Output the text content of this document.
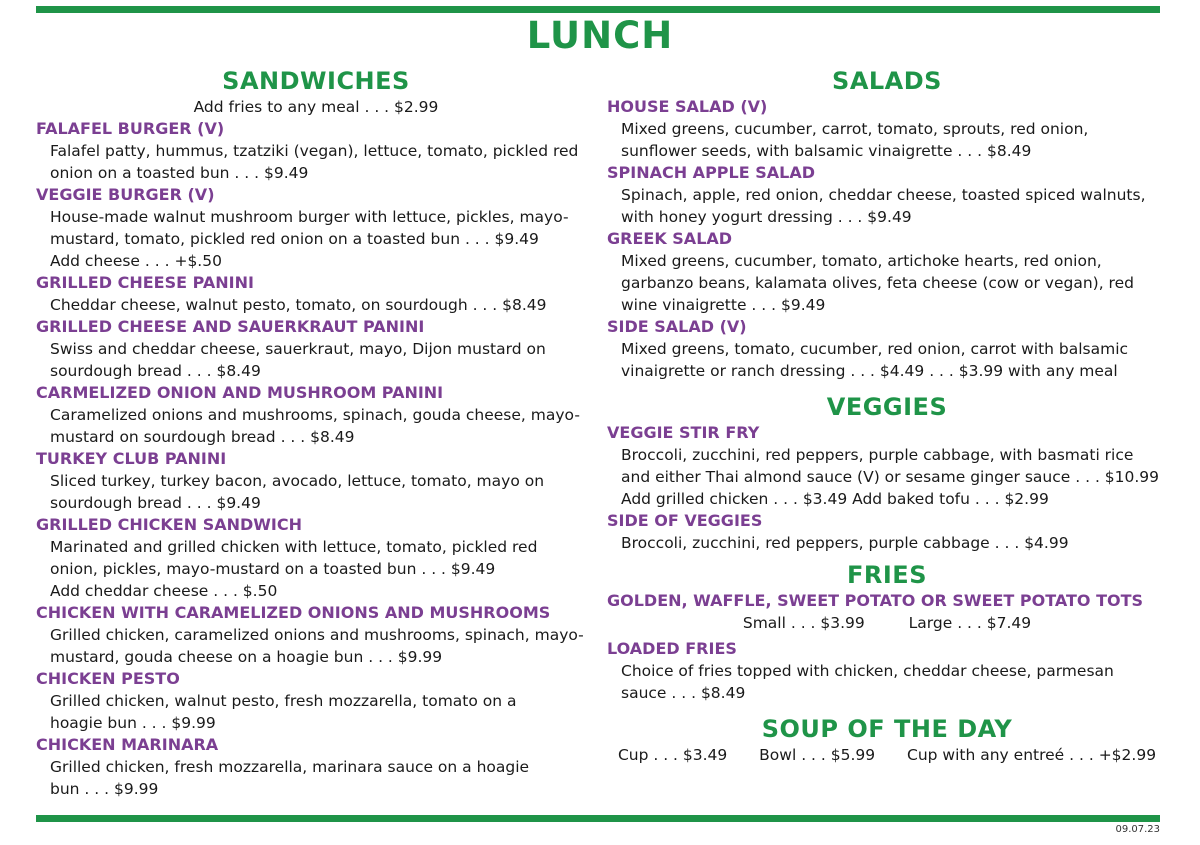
LUNCH
SANDWICHES

Add fries to any meal . . . $2.99

FALAFEL BURGER (V)

Falafel patty, hummus, tzatziki (vegan), lettuce, tomato, pickled red

onion on a toasted bun . . . $9.49

VEGGIE BURGER (V)

House-made walnut mushroom burger with lettuce, pickles, mayo-

mustard, tomato, pickled red onion on a toasted bun . . . $9.49

Add cheese . . . +$.50

GRILLED CHEESE PANINI

Cheddar cheese, walnut pesto, tomato, on sourdough . . . $8.49

GRILLED CHEESE AND SAUERKRAUT PANINI

Swiss and cheddar cheese, sauerkraut, mayo, Dijon mustard on

sourdough bread . . . $8.49

CARMELIZED ONION AND MUSHROOM PANINI

Caramelized onions and mushrooms, spinach, gouda cheese, mayo-

mustard on sourdough bread . . . $8.49

TURKEY CLUB PANINI

Sliced turkey, turkey bacon, avocado, lettuce, tomato, mayo on

sourdough bread . . . $9.49

GRILLED CHICKEN SANDWICH

Marinated and grilled chicken with lettuce, tomato, pickled red

onion, pickles, mayo-mustard on a toasted bun . . . $9.49

Add cheddar cheese . . . $.50

CHICKEN WITH CARAMELIZED ONIONS AND MUSHROOMS

Grilled chicken, caramelized onions and mushrooms, spinach, mayo-

mustard, gouda cheese on a hoagie bun . . . $9.99

CHICKEN PESTO

Grilled chicken, walnut pesto, fresh mozzarella, tomato on a

hoagie bun . . . $9.99

CHICKEN MARINARA

Grilled chicken, fresh mozzarella, marinara sauce on a hoagie

bun . . . $9.99

SALADS

HOUSE SALAD (V)

Mixed greens, cucumber, carrot, tomato, sprouts, red onion,

sunflower seeds, with balsamic vinaigrette . . . $8.49

SPINACH APPLE SALAD

Spinach, apple, red onion, cheddar cheese, toasted spiced walnuts,

with honey yogurt dressing . . . $9.49

GREEK SALAD

Mixed greens, cucumber, tomato, artichoke hearts, red onion,

garbanzo beans, kalamata olives, feta cheese (cow or vegan), red

wine vinaigrette . . . $9.49

SIDE SALAD (V)

Mixed greens, tomato, cucumber, red onion, carrot with balsamic

vinaigrette or ranch dressing . . . $4.49 . . . $3.99 with any meal

VEGGIES

VEGGIE STIR FRY

Broccoli, zucchini, red peppers, purple cabbage, with basmati rice

and either Thai almond sauce (V) or sesame ginger sauce . . . $10.99

Add grilled chicken . . . $3.49 Add baked tofu . . . $2.99

SIDE OF VEGGIES

Broccoli, zucchini, red peppers, purple cabbage . . . $4.99

FRIES

GOLDEN, WAFFLE, SWEET POTATO OR SWEET POTATO TOTS

Small . . . $3.99	Large . . . $7.49

LOADED FRIES

Choice of fries topped with chicken, cheddar cheese, parmesan

sauce . . . $8.49

SOUP OF THE DAY

Cup . . . $3.49 Bowl . . . $5.99 Cup with any entreé . . . +$2.99

09.07.23
